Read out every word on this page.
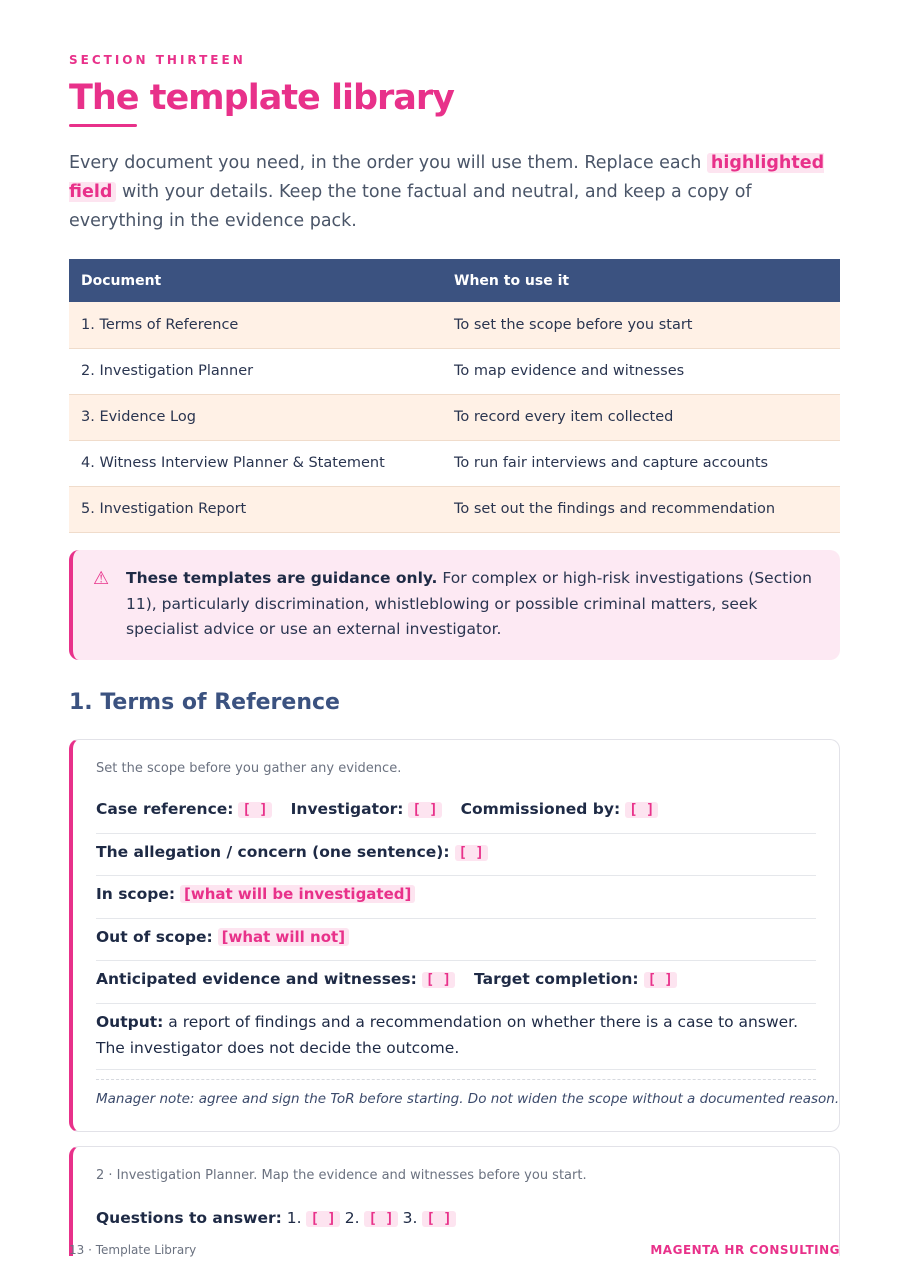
SECTION THIRTEEN
The template library

Every document you need, in the order you will use them. Replace each highlighted field with your details. Keep the tone factual and neutral, and keep a copy of everything in the evidence pack.

Document	When to use it
1. Terms of Reference	To set the scope before you start
2. Investigation Planner	To map evidence and witnesses
3. Evidence Log	To record every item collected
4. Witness Interview Planner & Statement	To run fair interviews and capture accounts
5. Investigation Report	To set out the findings and recommendation
⚠ These templates are guidance only. For complex or high-risk investigations (Section 11), particularly discrimination, whistleblowing or possible criminal matters, seek specialist advice or use an external investigator.
1. Terms of Reference
Set the scope before you gather any evidence.
Case reference: [ ] Investigator: [ ] Commissioned by: [ ]
The allegation / concern (one sentence): [ ]
In scope: [what will be investigated]
Out of scope: [what will not]
Anticipated evidence and witnesses: [ ] Target completion: [ ]
Output: a report of findings and a recommendation on whether there is a case to answer. The investigator does not decide the outcome.
Manager note: agree and sign the ToR before starting. Do not widen the scope without a documented reason.
2 · Investigation Planner. Map the evidence and witnesses before you start.
Questions to answer: 1. [ ] 2. [ ] 3. [ ]
13 · Template Library	MAGENTA HR CONSULTING
